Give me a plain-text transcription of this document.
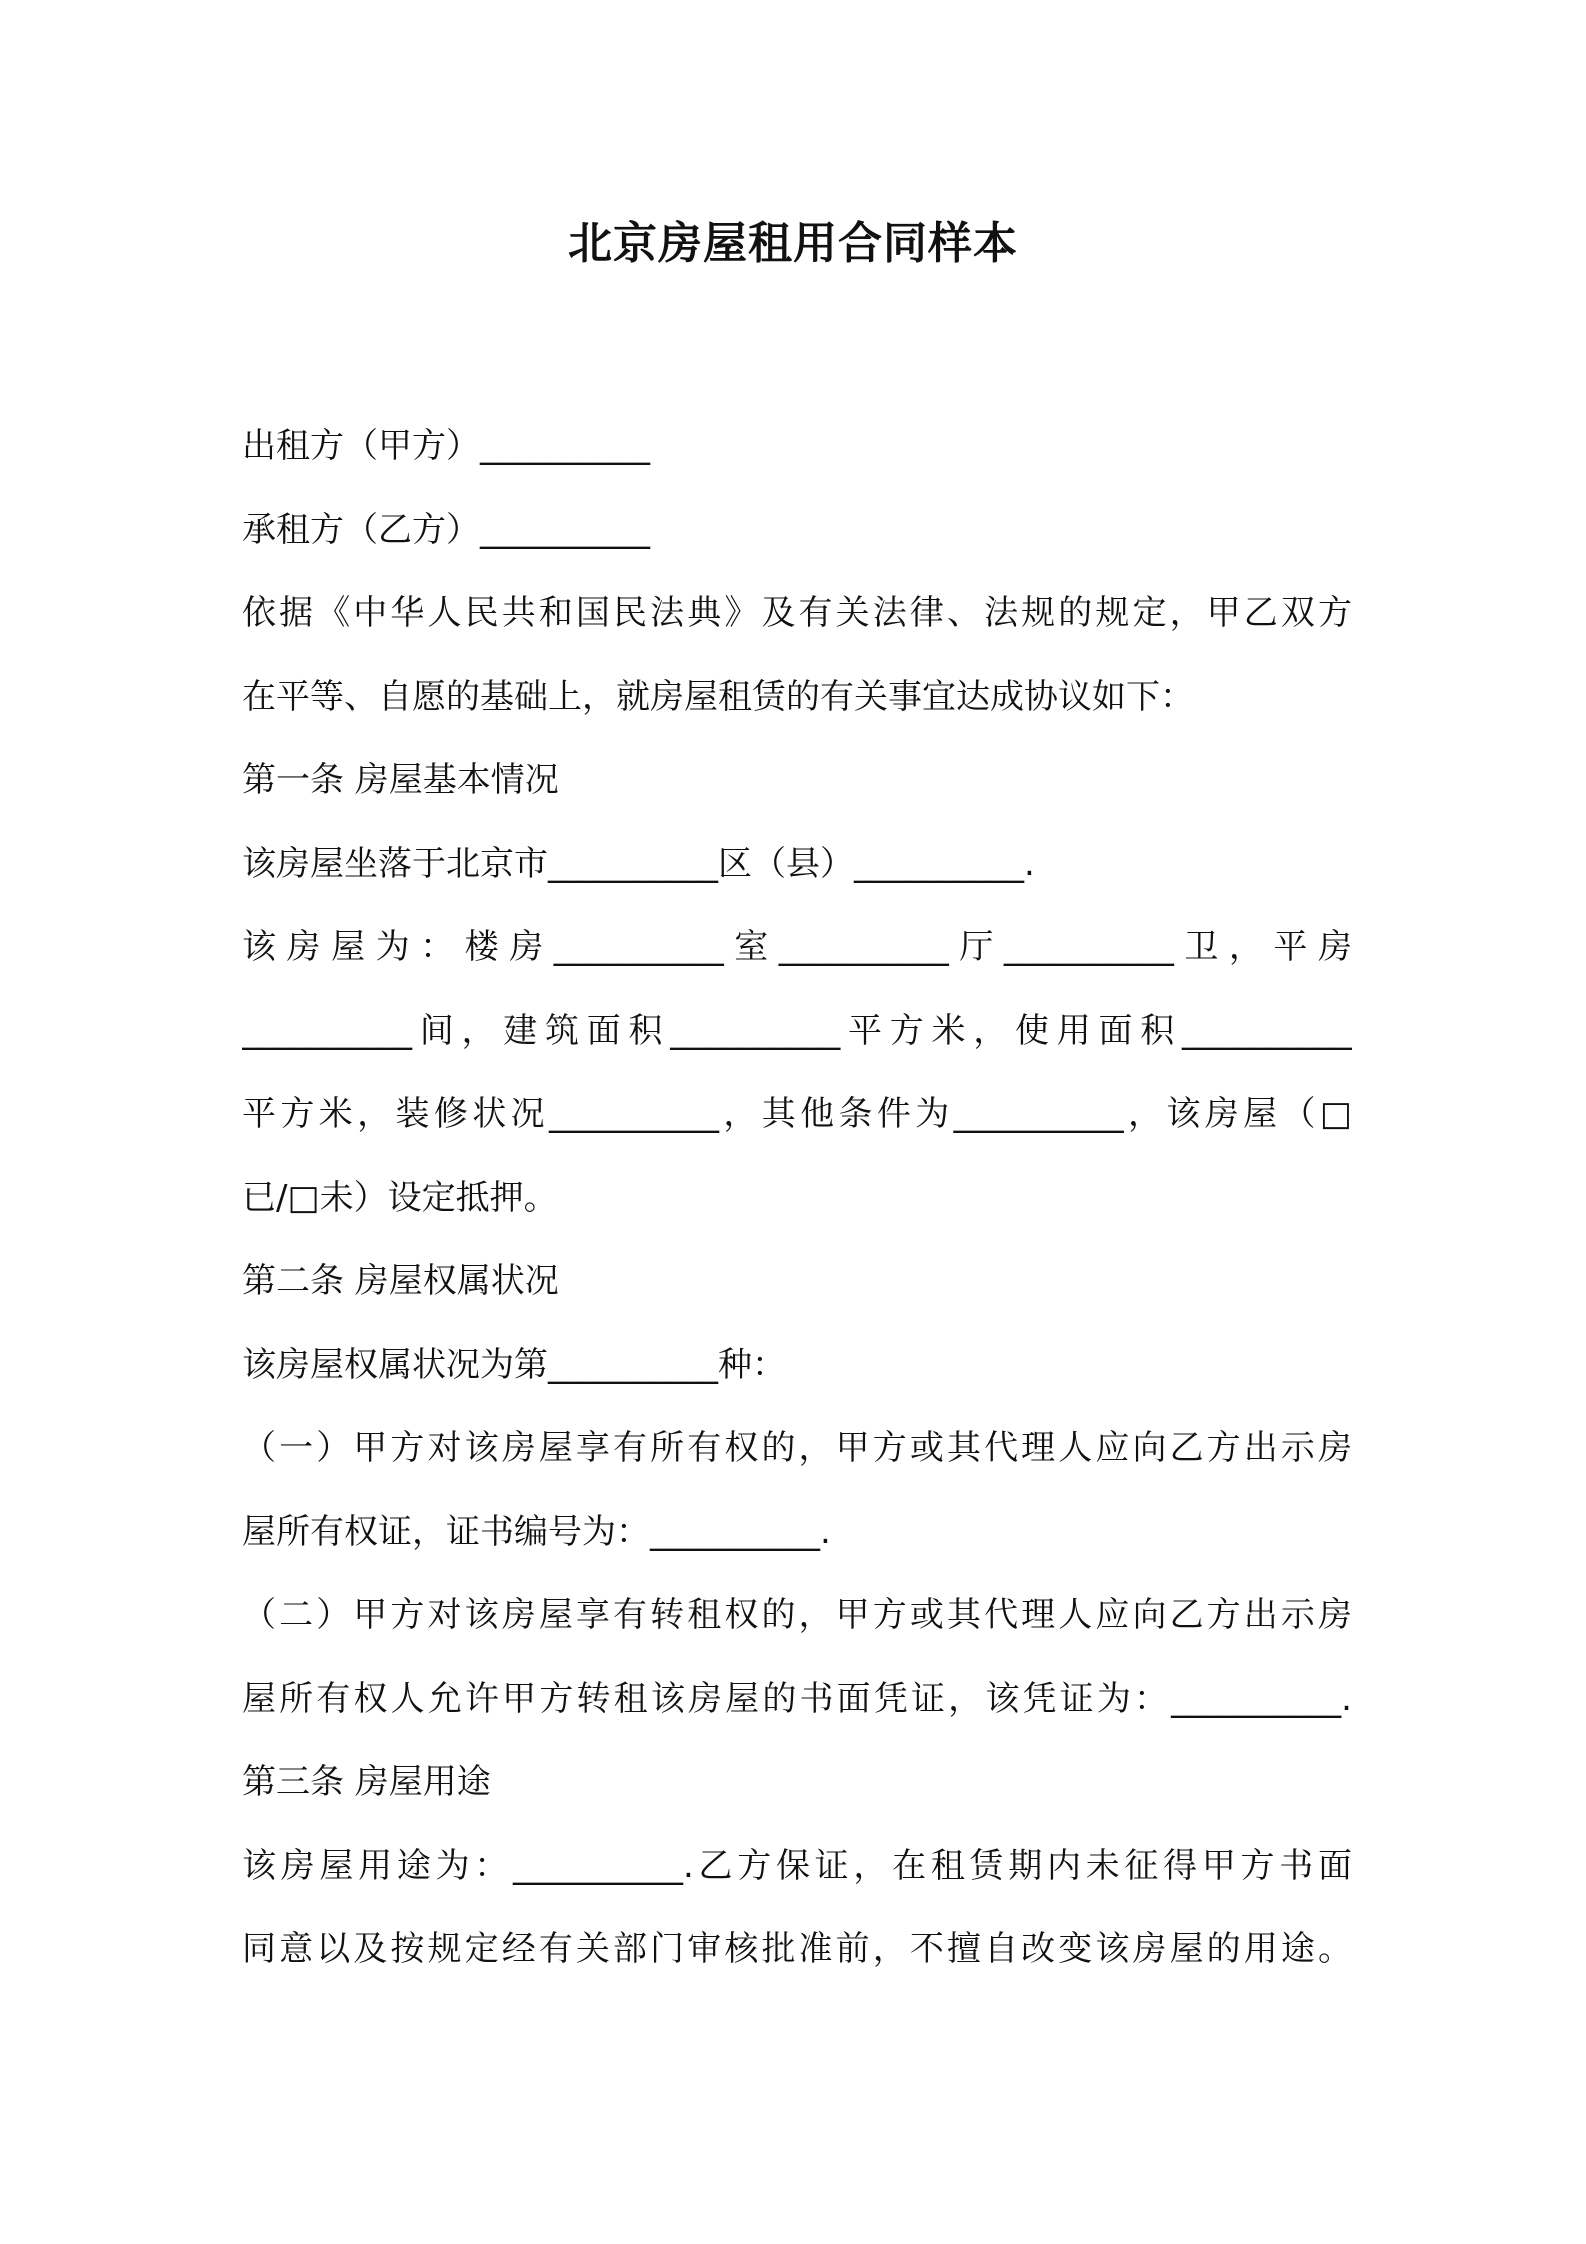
北京房屋租用合同样本
出租方（甲方）__________
承租方（乙方）__________
依据《中华人民共和国民法典》及有关法律、法规的规定，甲乙双方
在平等、自愿的基础上，就房屋租赁的有关事宜达成协议如下：
第一条 房屋基本情况
该房屋坐落于北京市__________区（县）__________.
该房屋为：楼房__________室__________厅__________卫，平房
__________间，建筑面积__________平方米，使用面积__________
平方米，装修状况__________，其他条件为__________，该房屋（□
已/□未）设定抵押。
第二条 房屋权属状况
该房屋权属状况为第__________种：
（一）甲方对该房屋享有所有权的，甲方或其代理人应向乙方出示房
屋所有权证，证书编号为：__________.
（二）甲方对该房屋享有转租权的，甲方或其代理人应向乙方出示房
屋所有权人允许甲方转租该房屋的书面凭证，该凭证为：__________.
第三条 房屋用途
该房屋用途为：__________.乙方保证，在租赁期内未征得甲方书面
同意以及按规定经有关部门审核批准前，不擅自改变该房屋的用途。
